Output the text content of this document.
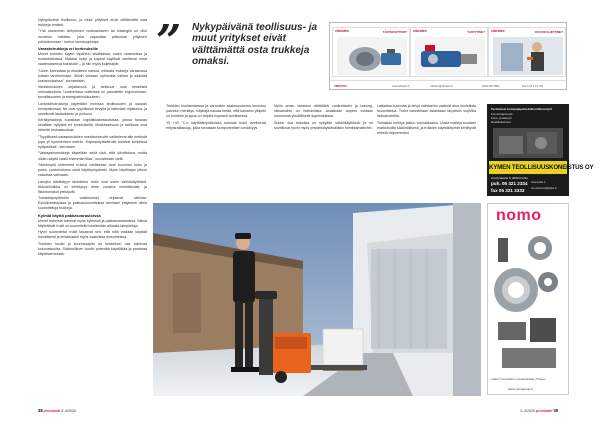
Nykypäivänä teollisuus- ja muut yritykset eivät välttämättä osta trukkeja omaksi.

”Yhä useammin siirtyminen vuokraukseen tai leasingiin on ollut luonteva ratkaisu, joka vapauttaa pääomaa yrityksen ydintoimintaan”, kertoo toimitusjohtaja.

Varastotrukkeja eri korkeuksille

Monet trukkien käyttö tapahtuu sisätiloissa, kuten varastoissa ja tuotantotiloissa. Matalat hyllyt ja kapeat käytävät asettavat omat vaatimuksensa kalustolle – ja niin myös kuljettajille.

”Usein kannattaa jo etukäteen katsoa, millaisia trukkeja varastossa tullaan tarvitsemaan. Silloin voidaan optimoida valinta ja säästää kustannuksissa”, korostetaan.

Varastotrukkien ohjattavuus ja tarkkuus ovat keskeisiä ominaisuuksia. Uusimmissa malleissa on panostettu ergonomiaan, turvallisuuteen ja energiatehokkuuteen.

Lavansiirtotrukkeja käytetään monissa teollisuuden ja kaupan toimipaikoissa. Ne ovat tyypillisesti kevyitä ja kätevästi ohjattavia, ja soveltuvat lastaukseen ja purkuun.

Keräilytrukkeja suositaan logistiikkakeskuksissa, joissa tavaraa kerätään hyllyistä eri korkeuksilta. Modulaarisuus ja tarkkuus ovat tärkeitä ominaisuuksia.

”Tyypillisesti varastotrukkien nostokorkeudet vaihtelevat alle metristä jopa yli kymmeneen metriin. Kapeakäytävätrukit toimivat korkeissa hyllystöissä”, kerrotaan.

”Vastapainotrukkeja käytetään sekä sisä- että ulkotiloissa, mutta niiden käyttö vaatii enemmän tilaa”, korostetaan vielä.

Tärkeimpiä kriteereitä trukkia valittaessa ovat kuorman koko ja paino, nostokorkeus sekä käyttöympäristö. Myös käyttöajan pituus vaikuttaa valintaan.

Lavojen käsittelyyn tarkoitetut trukit ovat usein sähkökäyttöisiä. Akkutekniikka on kehittynyt viime vuosina merkittävästi, ja litiumioniakut yleistyvät.

Toimintaympäristön vaatimukset ohjaavat valintaa. Kylmävarastoissa ja pakkasolosuhteissa tarvitaan erityisesti niihin suunniteltuja trukkeja.

Kylmiä käyttö pakkasvarastoissa

Monet trukeista toimivat myös kylmissä ja pakkasvarastoissa. Niissä käytettävät trukit on suunniteltu kestämään alhaisia lämpötiloja.

Hyvin suunnitellut trukit takaavat sen, että niitä voidaan käyttää turvallisesti ja tehokkaasti myös vaativissa olosuhteissa.

Trukkien huolto ja kunnossapito on keskeinen osa toimivaa kokonaisuutta. Säännöllinen huolto pidentää käyttöikää ja parantaa käyttövarmuutta.

” Nykypäivänä teollisuus- ja muut yritykset eivät välttämättä osta trukkeja omaksi.
vibratec	TÄRYMOOTTORIT vibratec	TÄRYTTIMET vibratec	RUUVIKULJETTIMET
VIBRATEC	www.vibratec.fi	vibratec@vibratec.fi	0206 006 6680	Fax 0 10 4 0 1778

Trukkien huoltamisessa ja varaosien saatavuudessa korostuu palvelun merkitys. Käyttäjä haluaa tietää, että kaluston ylläpito on hoidettu ja apua on tarjolla nopeasti tarvittaessa.

Yli +40 °C:n käyttölämpötiloissa toimivat trukit tarvitsevat erityisratkaisuja, joilla turvataan komponenttien kestävyys.

Myös oman varaston räätälöinti vuokrattaviin ja leasing-ratkaisuihin on mahdollista. Asiakkaan tarpeet voidaan huomioida yksilöllisesti sopimuksissa.

Suurin osa trukeista on nykyään sähkökäyttöisiä, ja ne soveltuvat hyvin myös ympäristöystävällisiin toimintamalleihin.

Lattialtaa kuormaa ja kevyt vaihtoehto vaativat aina huolellista suunnittelua. Trukit varustetaan asiakkaan tarpeisiin sopivilla lisävarusteilla.

Toimialan kehitys jatkuu voimakkaana. Uusia malleja tuodaan markkinoille säännöllisesti, ja trukkien käyttöliittymät kehittyvät entistä helpommiksi.

Perinteiset konepajapalvelut Konttikonetyöt
Kunnossapitotyöt
Kone- ja laitetyöt
Metallirakenteet
KYMEN TEOLLISUUSKONEISTUS OY
Hovinmäentie 8, 48200 Kotka
puh. 05 321 2334
fax 05 321 2333
www.kytko.fi
etu.sukunimi@kytko.fi
nomo
Laakerit | Voimansiirto | Lineaaritekniikka | Tiivisteet
www.nomogroup.fi
38 promaatti 3–4/2020	3–4/2020 promaatti 39
